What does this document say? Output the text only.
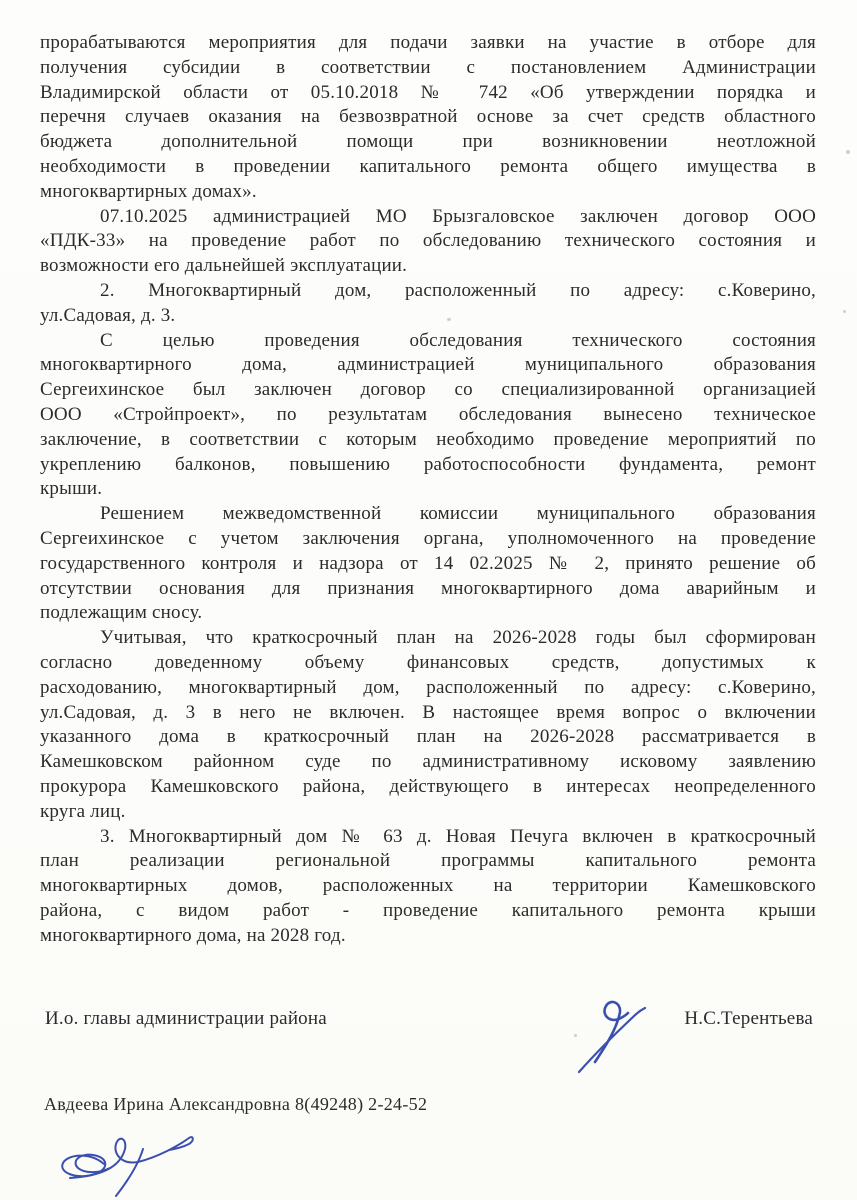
прорабатываются мероприятия для подачи заявки на участие в отборе для
получения субсидии в соответствии с постановлением Администрации
Владимирской области от 05.10.2018 № 742 «Об утверждении порядка и
перечня случаев оказания на безвозвратной основе за счет средств областного
бюджета дополнительной помощи при возникновении неотложной
необходимости в проведении капитального ремонта общего имущества в
многоквартирных домах».
07.10.2025 администрацией МО Брызгаловское заключен договор ООО
«ПДК-33» на проведение работ по обследованию технического состояния и
возможности его дальнейшей эксплуатации.
2. Многоквартирный дом, расположенный по адресу: с.Коверино,
ул.Садовая, д. 3.
С целью проведения обследования технического состояния
многоквартирного дома, администрацией муниципального образования
Сергеихинское был заключен договор со специализированной организацией
ООО «Стройпроект», по результатам обследования вынесено техническое
заключение, в соответствии с которым необходимо проведение мероприятий по
укреплению балконов, повышению работоспособности фундамента, ремонт
крыши.
Решением межведомственной комиссии муниципального образования
Сергеихинское с учетом заключения органа, уполномоченного на проведение
государственного контроля и надзора от 14 02.2025 № 2, принято решение об
отсутствии основания для признания многоквартирного дома аварийным и
подлежащим сносу.
Учитывая, что краткосрочный план на 2026-2028 годы был сформирован
согласно доведенному объему финансовых средств, допустимых к
расходованию, многоквартирный дом, расположенный по адресу: с.Коверино,
ул.Садовая, д. 3 в него не включен. В настоящее время вопрос о включении
указанного дома в краткосрочный план на 2026-2028 рассматривается в
Камешковском районном суде по административному исковому заявлению
прокурора Камешковского района, действующего в интересах неопределенного
круга лиц.
3. Многоквартирный дом № 63 д. Новая Печуга включен в краткосрочный
план реализации региональной программы капитального ремонта
многоквартирных домов, расположенных на территории Камешковского
района, с видом работ - проведение капитального ремонта крыши
многоквартирного дома, на 2028 год.
И.о. главы администрации района	Н.С.Терентьева
Авдеева Ирина Александровна 8(49248) 2-24-52
